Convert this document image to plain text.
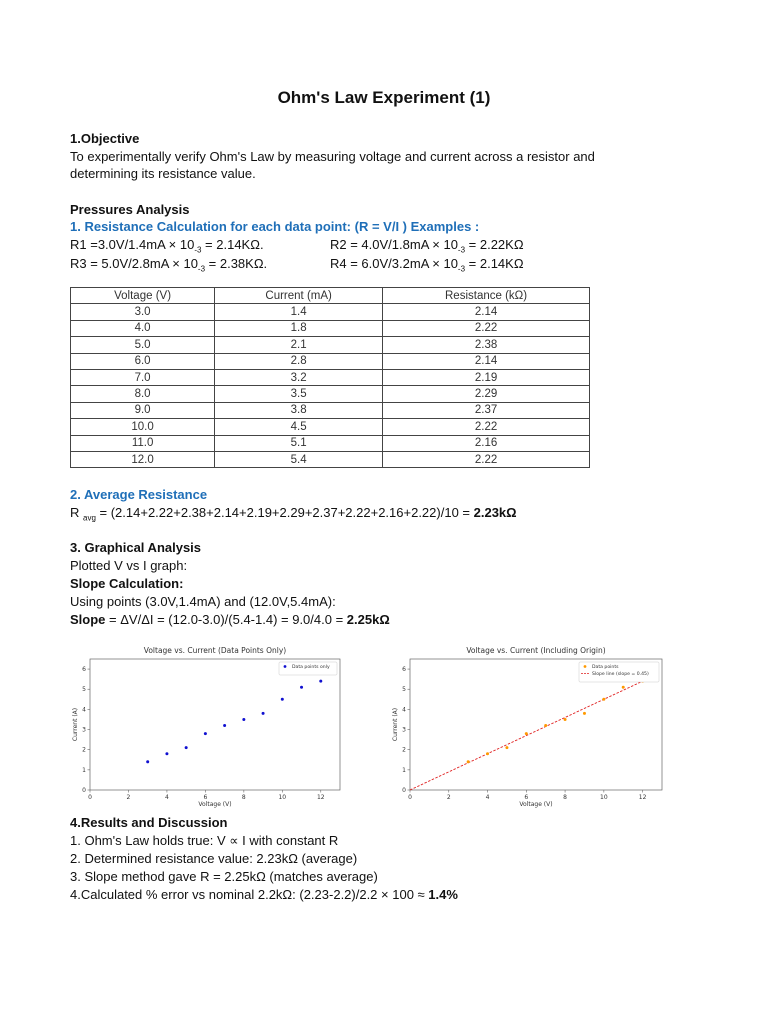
Ohm's Law Experiment (1)
1.Objective
To experimentally verify Ohm's Law by measuring voltage and current across a resistor and
determining its resistance value.
Pressures Analysis
1. Resistance Calculation for each data point: (R = V/I ) Examples :
$R1 =3.0V/1.4mA \times 10_{-3} = 2.14K\Omega$.	$R2 = 4.0V/1.8mA \times 10_{-3} = 2.22K\Omega$
$R3 = 5.0V/2.8mA \times 10_{-3} = 2.38K\Omega$.	$R4 = 6.0V/3.2mA \times 10_{-3} = 2.14K\Omega$
Voltage (V)	Current (mA)	Resistance (kΩ)
3.0	1.4	2.14
4.0	1.8	2.22
5.0	2.1	2.38
6.0	2.8	2.14
7.0	3.2	2.19
8.0	3.5	2.29
9.0	3.8	2.37
10.0	4.5	2.22
11.0	5.1	2.16
12.0	5.4	2.22
2. Average Resistance
R $_{avg}$ = (2.14+2.22+2.38+2.14+2.19+2.29+2.37+2.22+2.16+2.22)/10 = 2.23kΩ
3. Graphical Analysis
Plotted V vs I graph:
Slope Calculation:
Using points (3.0V,1.4mA) and (12.0V,5.4mA):
Slope = ΔV/ΔI = (12.0-3.0)/(5.4-1.4) = 9.0/4.0 = 2.25kΩ
Voltage vs. Current (Data Points Only)
0	2	4	6	8	10	12
0
1
2
3
4
5
6
Voltage (V)
Current (A)
Data points only
Voltage vs. Current (Including Origin)
0	2	4	6	8	10	12
0
1
2
3
4
5
6
Voltage (V)
Current (A)
Data points
Slope line (slope = 0.45)
4.Results and Discussion
1. Ohm's Law holds true: V ∝ I with constant R
2. Determined resistance value: 2.23kΩ (average)
3. Slope method gave R = 2.25kΩ (matches average)
4.Calculated % error vs nominal 2.2kΩ: (2.23-2.2)/2.2 × 100 ≈ 1.4%
